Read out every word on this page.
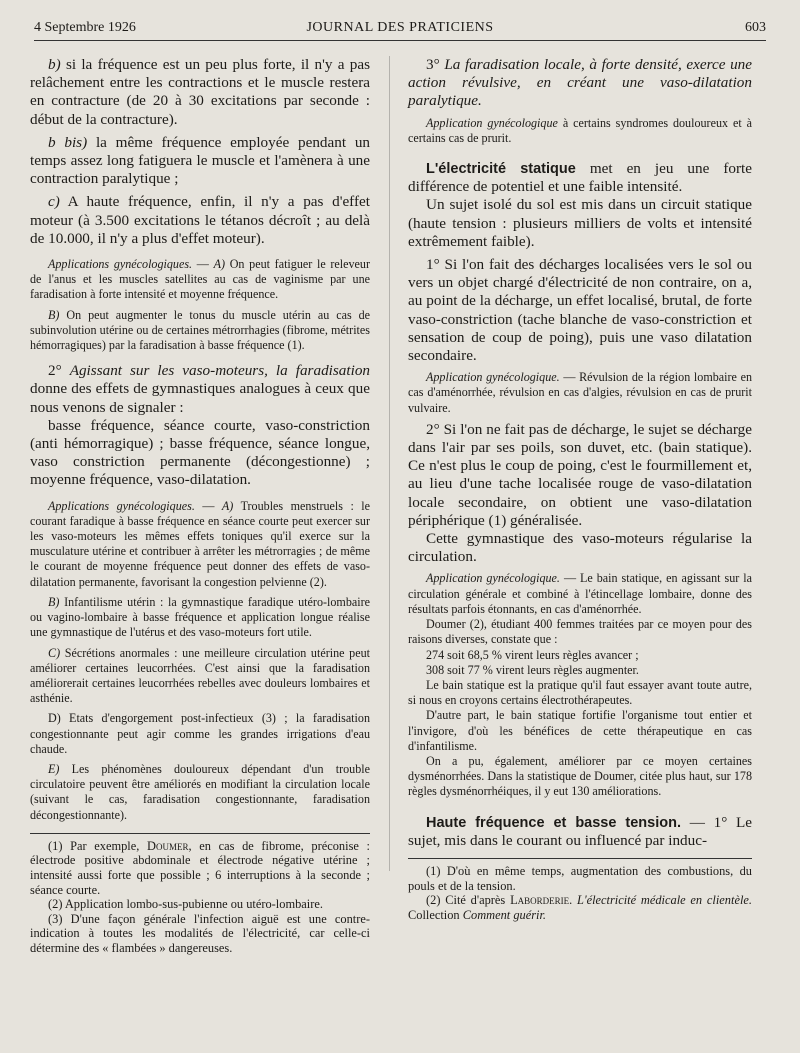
4 Septembre 1926	JOURNAL DES PRATICIENS	603

b) si la fréquence est un peu plus forte, il n'y a pas relâchement entre les contractions et le muscle restera en contracture (de 20 à 30 excitations par seconde : début de la contracture).

b bis) la même fréquence employée pendant un temps assez long fatiguera le muscle et l'amènera à une contraction paralytique ;

c) A haute fréquence, enfin, il n'y a pas d'effet moteur (à 3.500 excitations le tétanos décroît ; au delà de 10.000, il n'y a plus d'effet moteur).

Applications gynécologiques. — A) On peut fatiguer le releveur de l'anus et les muscles satellites au cas de vaginisme par une faradisation à forte intensité et moyenne fréquence.

B) On peut augmenter le tonus du muscle utérin au cas de subinvolution utérine ou de certaines métrorrhagies (fibrome, métrites hémorragiques) par la faradisation à basse fréquence (1).

2° Agissant sur les vaso-moteurs, la faradisation donne des effets de gymnastiques analogues à ceux que nous venons de signaler :

basse fréquence, séance courte, vaso-constriction (anti hémorragique) ; basse fréquence, séance longue, vaso constriction permanente (décongestionne) ; moyenne fréquence, vaso-dilatation.

Applications gynécologiques. — A) Troubles menstruels : le courant faradique à basse fréquence en séance courte peut exercer sur les vaso-moteurs les mêmes effets toniques qu'il exerce sur la musculature utérine et contribuer à arrêter les métrorragies ; de même le courant de moyenne fréquence peut donner des effets de vaso-dilatation permanente, favorisant la congestion pelvienne (2).

B) Infantilisme utérin : la gymnastique faradique utéro-lombaire ou vagino-lombaire à basse fréquence et application longue réalise une gymnastique de l'utérus et des vaso-moteurs fort utile.

C) Sécrétions anormales : une meilleure circulation utérine peut améliorer certaines leucorrhées. C'est ainsi que la faradisation améliorerait certaines leucorrhées rebelles avec douleurs lombaires et asthénie.

D) Etats d'engorgement post-infectieux (3) ; la faradisation congestionnante peut agir comme les grandes irrigations d'eau chaude.

E) Les phénomènes douloureux dépendant d'un trouble circulatoire peuvent être améliorés en modifiant la circulation locale (suivant le cas, faradisation congestionnante, faradisation décongestionnante).

(1) Par exemple, Doumer, en cas de fibrome, préconise : électrode positive abdominale et électrode négative utérine ; intensité aussi forte que possible ; 6 interruptions à la seconde ; séance courte.

(2) Application lombo-sus-pubienne ou utéro-lombaire.

(3) D'une façon générale l'infection aiguë est une contre-indication à toutes les modalités de l'électricité, car celle-ci détermine des « flambées » dangereuses.

3° La faradisation locale, à forte densité, exerce une action révulsive, en créant une vaso-dilatation paralytique.

Application gynécologique à certains syndromes douloureux et à certains cas de prurit.

L'électricité statique met en jeu une forte différence de potentiel et une faible intensité.

Un sujet isolé du sol est mis dans un circuit statique (haute tension : plusieurs milliers de volts et intensité extrêmement faible).

1° Si l'on fait des décharges localisées vers le sol ou vers un objet chargé d'électricité de non contraire, on a, au point de la décharge, un effet localisé, brutal, de forte vaso-constriction (tache blanche de vaso-constriction et sensation de coup de poing), puis une vaso dilatation secondaire.

Application gynécologique. — Révulsion de la région lombaire en cas d'aménorrhée, révulsion en cas d'algies, révulsion en cas de prurit vulvaire.

2° Si l'on ne fait pas de décharge, le sujet se décharge dans l'air par ses poils, son duvet, etc. (bain statique). Ce n'est plus le coup de poing, c'est le fourmillement et, au lieu d'une tache localisée rouge de vaso-dilatation locale secondaire, on obtient une vaso-dilatation périphérique (1) généralisée.

Cette gymnastique des vaso-moteurs régularise la circulation.

Application gynécologique. — Le bain statique, en agissant sur la circulation générale et combiné à l'étincellage lombaire, donne des résultats parfois étonnants, en cas d'aménorrhée.

Doumer (2), étudiant 400 femmes traitées par ce moyen pour des raisons diverses, constate que :

274 soit 68,5 % virent leurs règles avancer ;

308 soit 77 % virent leurs règles augmenter.

Le bain statique est la pratique qu'il faut essayer avant toute autre, si nous en croyons certains électrothérapeutes.

D'autre part, le bain statique fortifie l'organisme tout entier et l'invigore, d'où les bénéfices de cette thérapeutique en cas d'infantilisme.

On a pu, également, améliorer par ce moyen certaines dysménorrhées. Dans la statistique de Doumer, citée plus haut, sur 178 règles dysménorrhéiques, il y eut 130 améliorations.

Haute fréquence et basse tension. — 1° Le sujet, mis dans le courant ou influencé par induc-

(1) D'où en même temps, augmentation des combustions, du pouls et de la tension.

(2) Cité d'après Laborderie. L'électricité médicale en clientèle. Collection Comment guérir.
